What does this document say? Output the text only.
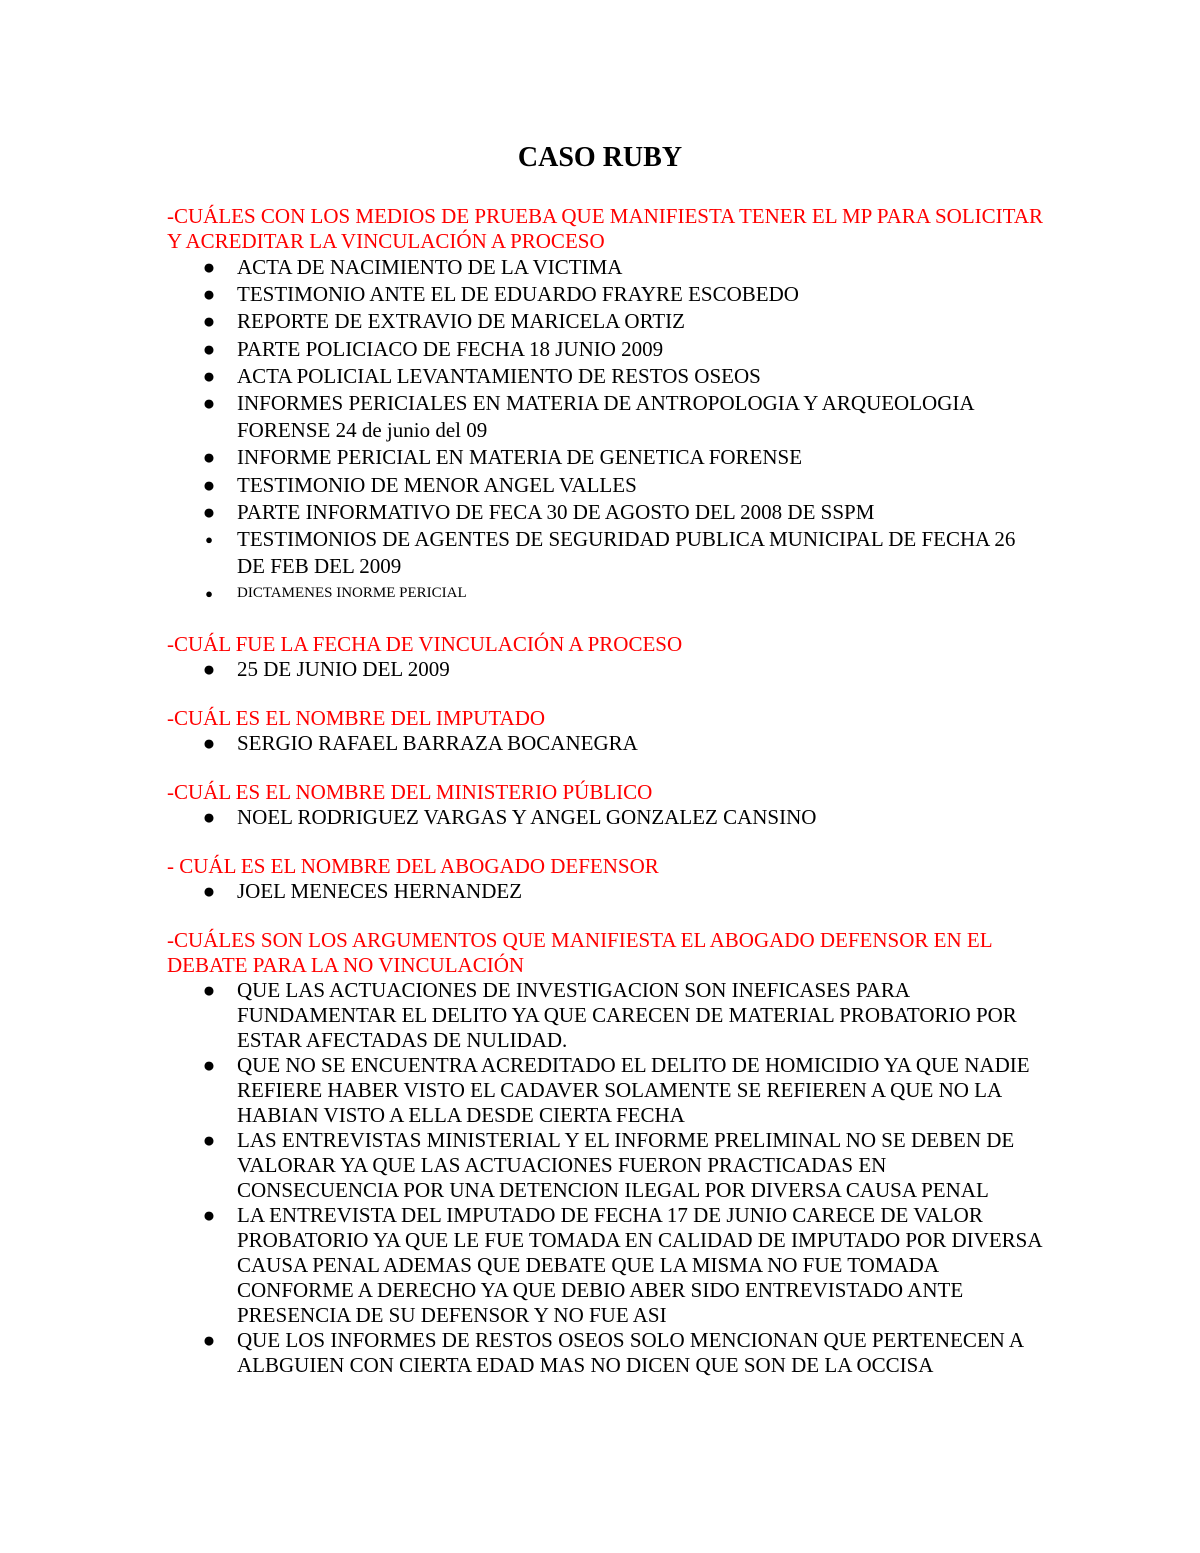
CASO RUBY

-CUÁLES CON LOS MEDIOS DE PRUEBA QUE MANIFIESTA TENER EL MP PARA SOLICITAR Y ACREDITAR LA VINCULACIÓN A PROCESO

● ACTA DE NACIMIENTO DE LA VICTIMA
● TESTIMONIO ANTE EL DE EDUARDO FRAYRE ESCOBEDO
● REPORTE DE EXTRAVIO DE MARICELA ORTIZ
● PARTE POLICIACO DE FECHA 18 JUNIO 2009
● ACTA POLICIAL LEVANTAMIENTO DE RESTOS OSEOS
● INFORMES PERICIALES EN MATERIA DE ANTROPOLOGIA Y ARQUEOLOGIA FORENSE 24 de junio del 09
● INFORME PERICIAL EN MATERIA DE GENETICA FORENSE
● TESTIMONIO DE MENOR ANGEL VALLES
● PARTE INFORMATIVO DE FECA 30 DE AGOSTO DEL 2008 DE SSPM
● TESTIMONIOS DE AGENTES DE SEGURIDAD PUBLICA MUNICIPAL DE FECHA 26 DE FEB DEL 2009
● DICTAMENES INORME PERICIAL

-CUÁL FUE LA FECHA DE VINCULACIÓN A PROCESO

● 25 DE JUNIO DEL 2009

-CUÁL ES EL NOMBRE DEL IMPUTADO

● SERGIO RAFAEL BARRAZA BOCANEGRA

-CUÁL ES EL NOMBRE DEL MINISTERIO PÚBLICO

● NOEL RODRIGUEZ VARGAS Y ANGEL GONZALEZ CANSINO

- CUÁL ES EL NOMBRE DEL ABOGADO DEFENSOR

● JOEL MENECES HERNANDEZ

-CUÁLES SON LOS ARGUMENTOS QUE MANIFIESTA EL ABOGADO DEFENSOR EN EL DEBATE PARA LA NO VINCULACIÓN

● QUE LAS ACTUACIONES DE INVESTIGACION SON INEFICASES PARA FUNDAMENTAR EL DELITO YA QUE CARECEN DE MATERIAL PROBATORIO POR ESTAR AFECTADAS DE NULIDAD.
● QUE NO SE ENCUENTRA ACREDITADO EL DELITO DE HOMICIDIO YA QUE NADIE REFIERE HABER VISTO EL CADAVER SOLAMENTE SE REFIEREN A QUE NO LA HABIAN VISTO A ELLA DESDE CIERTA FECHA
● LAS ENTREVISTAS MINISTERIAL Y EL INFORME PRELIMINAL NO SE DEBEN DE VALORAR YA QUE LAS ACTUACIONES FUERON PRACTICADAS EN CONSECUENCIA POR UNA DETENCION ILEGAL POR DIVERSA CAUSA PENAL
● LA ENTREVISTA DEL IMPUTADO DE FECHA 17 DE JUNIO CARECE DE VALOR PROBATORIO YA QUE LE FUE TOMADA EN CALIDAD DE IMPUTADO POR DIVERSA CAUSA PENAL ADEMAS QUE DEBATE QUE LA MISMA NO FUE TOMADA CONFORME A DERECHO YA QUE DEBIO ABER SIDO ENTREVISTADO ANTE PRESENCIA DE SU DEFENSOR Y NO FUE ASI
● QUE LOS INFORMES DE RESTOS OSEOS SOLO MENCIONAN QUE PERTENECEN A ALBGUIEN CON CIERTA EDAD MAS NO DICEN QUE SON DE LA OCCISA
